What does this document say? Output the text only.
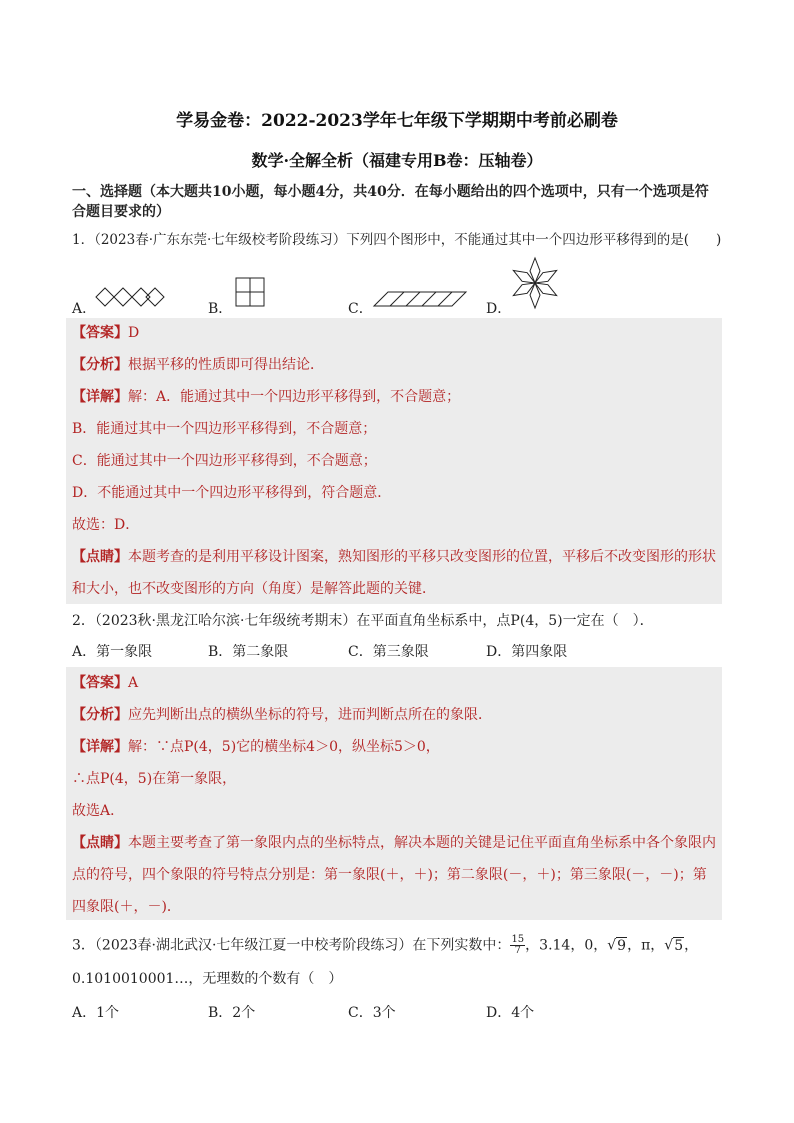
学易金卷：2022-2023学年七年级下学期期中考前必刷卷
数学·全解全析（福建专用B卷：压轴卷）
一、选择题（本大题共10小题，每小题4分，共40分．在每小题给出的四个选项中，只有一个选项是符
合题目要求的）
1．（2023春·广东东莞·七年级校考阶段练习）下列四个图形中，不能通过其中一个四边形平移得到的是(　　)
A．	B．	C．	D．
【答案】D
【分析】根据平移的性质即可得出结论．
【详解】解：A．能通过其中一个四边形平移得到，不合题意；
B．能通过其中一个四边形平移得到，不合题意；
C．能通过其中一个四边形平移得到，不合题意；
D．不能通过其中一个四边形平移得到，符合题意．
故选：D．
【点睛】本题考查的是利用平移设计图案，熟知图形的平移只改变图形的位置，平移后不改变图形的形状
和大小，也不改变图形的方向（角度）是解答此题的关键．
2．（2023秋·黑龙江哈尔滨·七年级统考期末）在平面直角坐标系中，点P(4，5)一定在（　）．
A．第一象限	B．第二象限	C．第三象限	D．第四象限
【答案】A
【分析】应先判断出点的横纵坐标的符号，进而判断点所在的象限．
【详解】解：∵点P(4，5)它的横坐标4＞0，纵坐标5＞0，
∴点P(4，5)在第一象限，
故选A．
【点睛】本题主要考查了第一象限内点的坐标特点，解决本题的关键是记住平面直角坐标系中各个象限内
点的符号，四个象限的符号特点分别是：第一象限(＋，＋)；第二象限(－，＋)；第三象限(－，－)；第
四象限(＋，－)．
3．（2023春·湖北武汉·七年级江夏一中校考阶段练习）在下列实数中： $\frac{15}{7}$ ，3.14，0，√9，π，√5，
0.1010010001…，无理数的个数有（　）
A．1个	B．2个	C．3个	D．4个
